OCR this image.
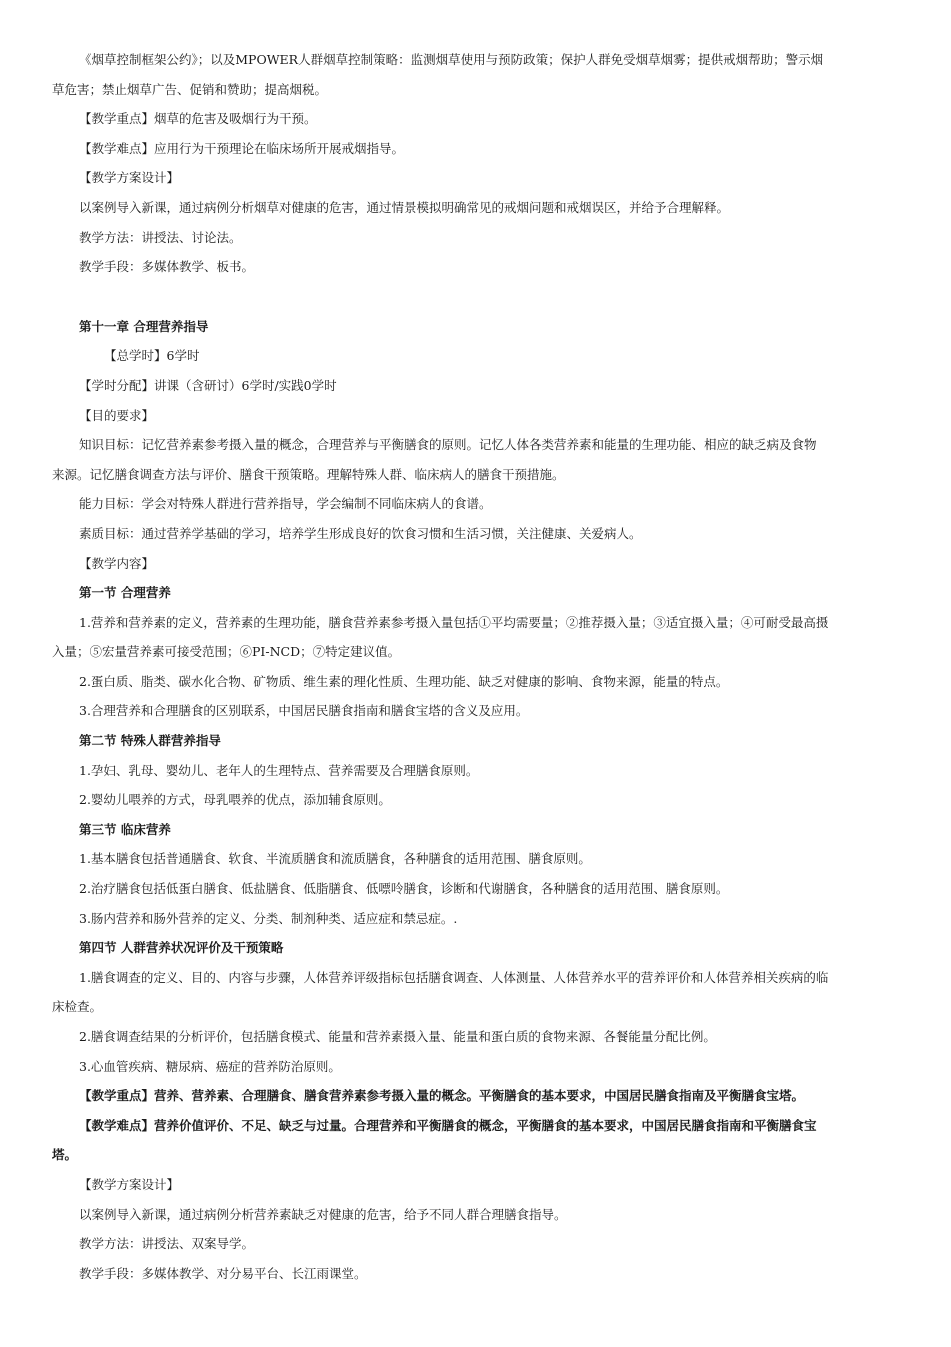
《烟草控制框架公约》；以及MPOWER人群烟草控制策略：监测烟草使用与预防政策；保护人群免受烟草烟雾；提供戒烟帮助；警示烟

草危害；禁止烟草广告、促销和赞助；提高烟税。

【教学重点】烟草的危害及吸烟行为干预。

【教学难点】应用行为干预理论在临床场所开展戒烟指导。

【教学方案设计】

以案例导入新课，通过病例分析烟草对健康的危害，通过情景模拟明确常见的戒烟问题和戒烟误区，并给予合理解释。

教学方法：讲授法、讨论法。

教学手段：多媒体教学、板书。

第十一章 合理营养指导

【总学时】6学时

【学时分配】讲课（含研讨）6学时/实践0学时

【目的要求】

知识目标：记忆营养素参考摄入量的概念，合理营养与平衡膳食的原则。记忆人体各类营养素和能量的生理功能、相应的缺乏病及食物

来源。记忆膳食调查方法与评价、膳食干预策略。理解特殊人群、临床病人的膳食干预措施。

能力目标：学会对特殊人群进行营养指导，学会编制不同临床病人的食谱。

素质目标：通过营养学基础的学习，培养学生形成良好的饮食习惯和生活习惯，关注健康、关爱病人。

【教学内容】

第一节 合理营养

1.营养和营养素的定义，营养素的生理功能，膳食营养素参考摄入量包括①平均需要量；②推荐摄入量；③适宜摄入量；④可耐受最高摄

入量；⑤宏量营养素可接受范围；⑥PI-NCD；⑦特定建议值。

2.蛋白质、脂类、碳水化合物、矿物质、维生素的理化性质、生理功能、缺乏对健康的影响、食物来源，能量的特点。

3.合理营养和合理膳食的区别联系，中国居民膳食指南和膳食宝塔的含义及应用。

第二节 特殊人群营养指导

1.孕妇、乳母、婴幼儿、老年人的生理特点、营养需要及合理膳食原则。

2.婴幼儿喂养的方式，母乳喂养的优点，添加辅食原则。

第三节 临床营养

1.基本膳食包括普通膳食、软食、半流质膳食和流质膳食，各种膳食的适用范围、膳食原则。

2.治疗膳食包括低蛋白膳食、低盐膳食、低脂膳食、低嘌呤膳食，诊断和代谢膳食，各种膳食的适用范围、膳食原则。

3.肠内营养和肠外营养的定义、分类、制剂种类、适应症和禁忌症。.

第四节 人群营养状况评价及干预策略

1.膳食调查的定义、目的、内容与步骤，人体营养评级指标包括膳食调查、人体测量、人体营养水平的营养评价和人体营养相关疾病的临

床检查。

2.膳食调查结果的分析评价，包括膳食模式、能量和营养素摄入量、能量和蛋白质的食物来源、各餐能量分配比例。

3.心血管疾病、糖尿病、癌症的营养防治原则。

【教学重点】营养、营养素、合理膳食、膳食营养素参考摄入量的概念。平衡膳食的基本要求，中国居民膳食指南及平衡膳食宝塔。

【教学难点】营养价值评价、不足、缺乏与过量。合理营养和平衡膳食的概念，平衡膳食的基本要求，中国居民膳食指南和平衡膳食宝

塔。

【教学方案设计】

以案例导入新课，通过病例分析营养素缺乏对健康的危害，给予不同人群合理膳食指导。

教学方法：讲授法、双案导学。

教学手段：多媒体教学、对分易平台、长江雨课堂。
